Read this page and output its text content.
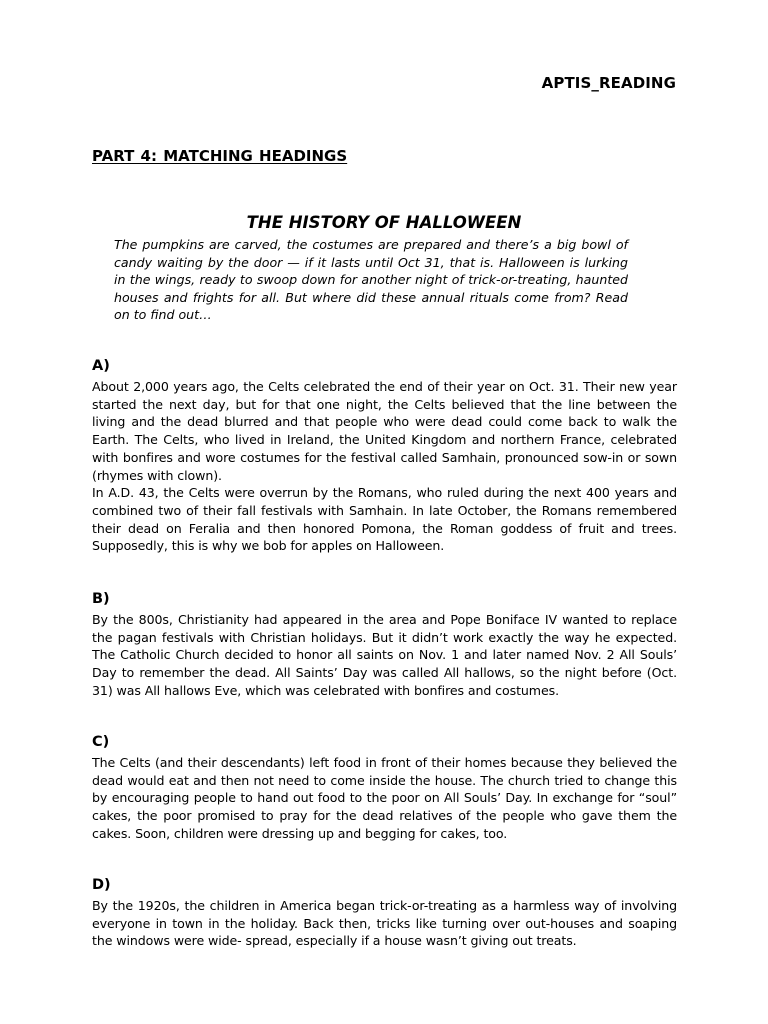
APTIS_READING
PART 4: MATCHING HEADINGS
THE HISTORY OF HALLOWEEN
The pumpkins are carved, the costumes are prepared and there’s a big bowl of candy waiting by the door — if it lasts until Oct 31, that is. Halloween is lurking in the wings, ready to swoop down for another night of trick-or-treating, haunted houses and frights for all. But where did these annual rituals come from? Read on to find out…
A)

About 2,000 years ago, the Celts celebrated the end of their year on Oct. 31. Their new year started the next day, but for that one night, the Celts believed that the line between the living and the dead blurred and that people who were dead could come back to walk the Earth. The Celts, who lived in Ireland, the United Kingdom and northern France, celebrated with bonfires and wore costumes for the festival called Samhain, pronounced sow-in or sown (rhymes with clown).

In A.D. 43, the Celts were overrun by the Romans, who ruled during the next 400 years and combined two of their fall festivals with Samhain. In late October, the Romans remembered their dead on Feralia and then honored Pomona, the Roman goddess of fruit and trees. Supposedly, this is why we bob for apples on Halloween.

B)

By the 800s, Christianity had appeared in the area and Pope Boniface IV wanted to replace the pagan festivals with Christian holidays. But it didn’t work exactly the way he expected. The Catholic Church decided to honor all saints on Nov. 1 and later named Nov. 2 All Souls’ Day to remember the dead. All Saints’ Day was called All hallows, so the night before (Oct. 31) was All hallows Eve, which was celebrated with bonfires and costumes.

C)

The Celts (and their descendants) left food in front of their homes because they believed the dead would eat and then not need to come inside the house. The church tried to change this by encouraging people to hand out food to the poor on All Souls’ Day. In exchange for “soul” cakes, the poor promised to pray for the dead relatives of the people who gave them the cakes. Soon, children were dressing up and begging for cakes, too.

D)

By the 1920s, the children in America began trick-or-treating as a harmless way of involving everyone in town in the holiday. Back then, tricks like turning over out-houses and soaping the windows were wide- spread, especially if a house wasn’t giving out treats.
